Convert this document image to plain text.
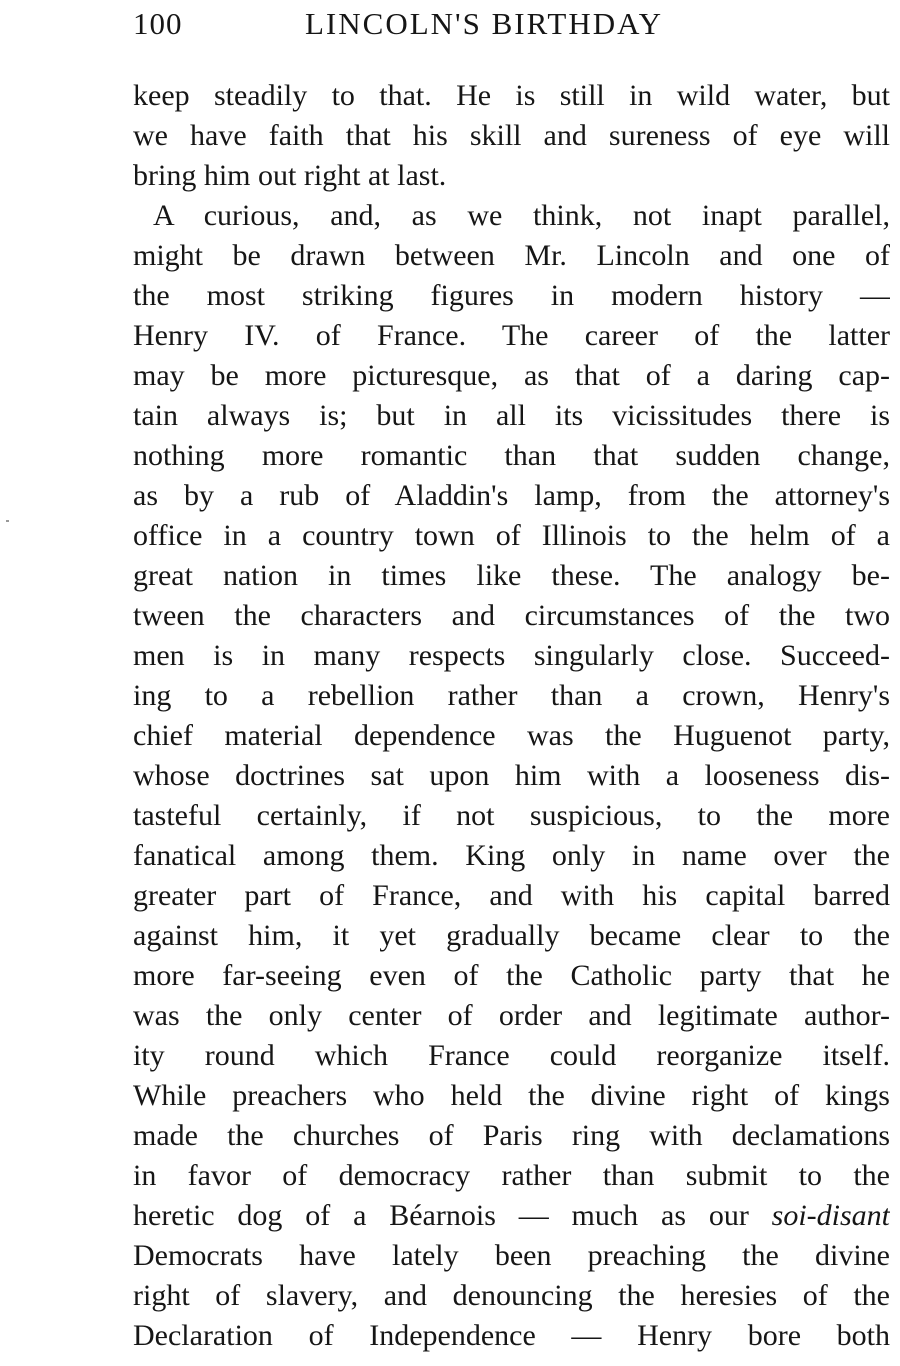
100	LINCOLN'S BIRTHDAY
keep steadily to that. He is still in wild water, but
we have faith that his skill and sureness of eye will
bring him out right at last.
A curious, and, as we think, not inapt parallel,
might be drawn between Mr. Lincoln and one of
the most striking figures in modern history —
Henry IV. of France. The career of the latter
may be more picturesque, as that of a daring cap-
tain always is; but in all its vicissitudes there is
nothing more romantic than that sudden change,
as by a rub of Aladdin's lamp, from the attorney's
office in a country town of Illinois to the helm of a
great nation in times like these. The analogy be-
tween the characters and circumstances of the two
men is in many respects singularly close. Succeed-
ing to a rebellion rather than a crown, Henry's
chief material dependence was the Huguenot party,
whose doctrines sat upon him with a looseness dis-
tasteful certainly, if not suspicious, to the more
fanatical among them. King only in name over the
greater part of France, and with his capital barred
against him, it yet gradually became clear to the
more far-seeing even of the Catholic party that he
was the only center of order and legitimate author-
ity round which France could reorganize itself.
While preachers who held the divine right of kings
made the churches of Paris ring with declamations
in favor of democracy rather than submit to the
heretic dog of a Béarnois — much as our soi-disant
Democrats have lately been preaching the divine
right of slavery, and denouncing the heresies of the
Declaration of Independence — Henry bore both
